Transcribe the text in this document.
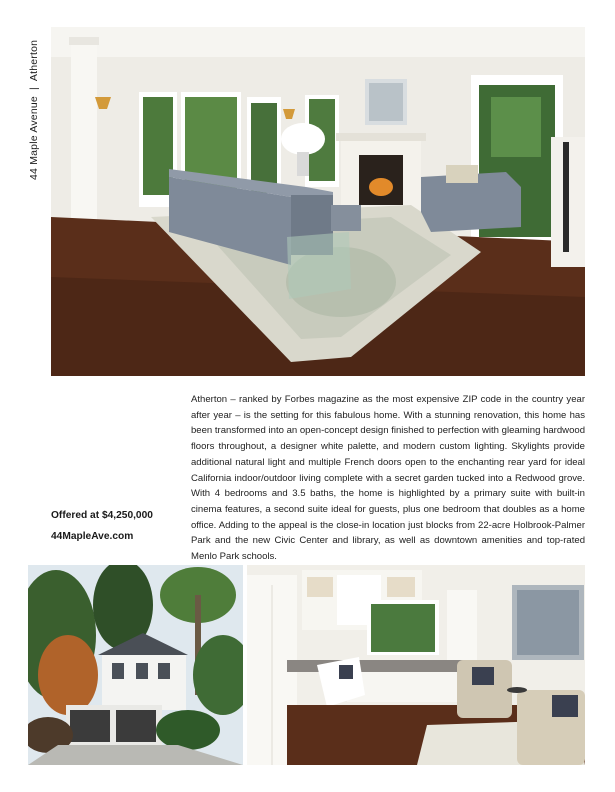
44 Maple Avenue|Atherton
Atherton – ranked by Forbes magazine as the most expensive ZIP code in the country year after year – is the setting for this fabulous home. With a stunning renovation, this home has been transformed into an open-concept design finished to perfection with gleaming hardwood floors throughout, a designer white palette, and modern custom lighting. Skylights provide additional natural light and multiple French doors open to the enchanting rear yard for ideal California indoor/outdoor living complete with a secret garden tucked into a Redwood grove. With 4 bedrooms and 3.5 baths, the home is highlighted by a primary suite with built-in cinema features, a second suite ideal for guests, plus one bedroom that doubles as a home office. Adding to the appeal is the close-in location just blocks from 22-acre Holbrook-Palmer Park and the new Civic Center and library, as well as downtown amenities and top-rated Menlo Park schools.
Offered at $4,250,000
44MapleAve.com
